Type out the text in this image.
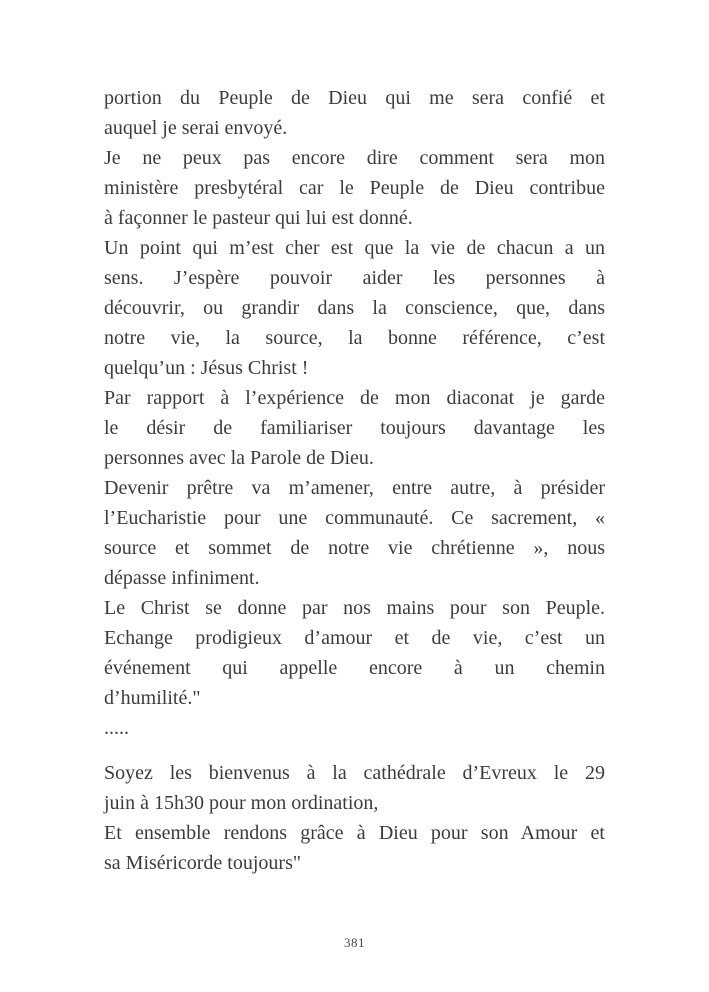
portion du Peuple de Dieu qui me sera confié et
auquel je serai envoyé.

Je ne peux pas encore dire comment sera mon
ministère presbytéral car le Peuple de Dieu contribue
à façonner le pasteur qui lui est donné.

Un point qui m’est cher est que la vie de chacun a un
sens. J’espère pouvoir aider les personnes à
découvrir, ou grandir dans la conscience, que, dans
notre vie, la source, la bonne référence, c’est
quelqu’un : Jésus Christ !

Par rapport à l’expérience de mon diaconat je garde
le désir de familiariser toujours davantage les
personnes avec la Parole de Dieu.

Devenir prêtre va m’amener, entre autre, à présider
l’Eucharistie pour une communauté. Ce sacrement, «
source et sommet de notre vie chrétienne », nous
dépasse infiniment.

Le Christ se donne par nos mains pour son Peuple.
Echange prodigieux d’amour et de vie, c’est un
événement qui appelle encore à un chemin
d’humilité."

.....

Soyez les bienvenus à la cathédrale d’Evreux le 29
juin à 15h30 pour mon ordination,

Et ensemble rendons grâce à Dieu pour son Amour et
sa Miséricorde toujours"

381
